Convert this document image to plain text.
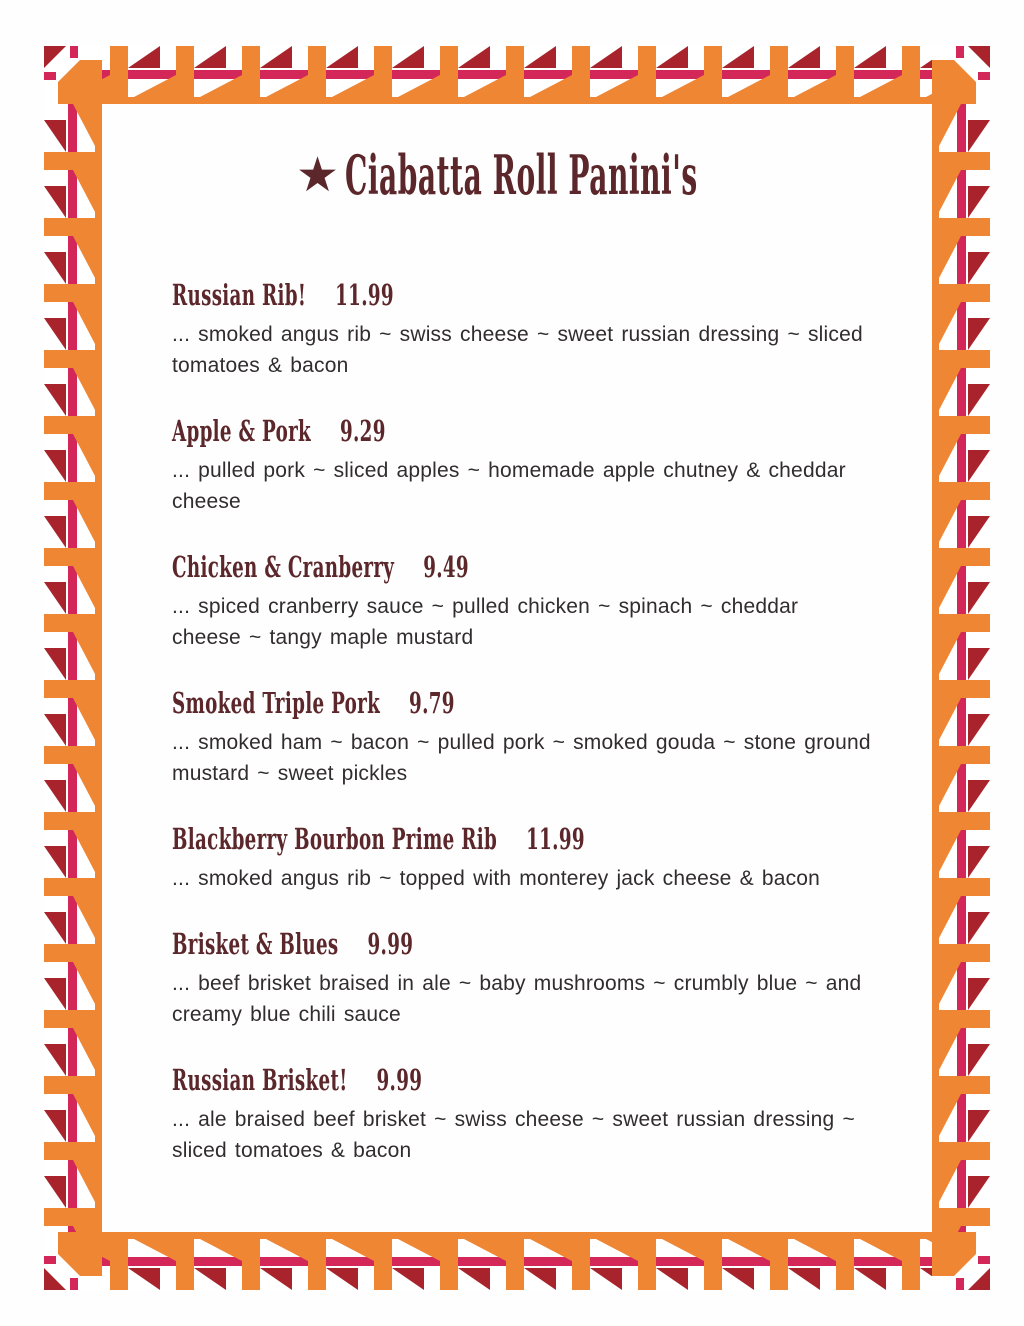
★ Ciabatta Roll Panini's
Russian Rib! 11.99
... smoked angus rib ~ swiss cheese ~ sweet russian dressing ~ sliced
tomatoes & bacon
Apple & Pork 9.29
... pulled pork ~ sliced apples ~ homemade apple chutney & cheddar
cheese
Chicken & Cranberry 9.49
... spiced cranberry sauce ~ pulled chicken ~ spinach ~ cheddar
cheese ~ tangy maple mustard
Smoked Triple Pork 9.79
... smoked ham ~ bacon ~ pulled pork ~ smoked gouda ~ stone ground
mustard ~ sweet pickles
Blackberry Bourbon Prime Rib 11.99
... smoked angus rib ~ topped with monterey jack cheese & bacon
Brisket & Blues 9.99
... beef brisket braised in ale ~ baby mushrooms ~ crumbly blue ~ and
creamy blue chili sauce
Russian Brisket! 9.99
... ale braised beef brisket ~ swiss cheese ~ sweet russian dressing ~
sliced tomatoes & bacon
